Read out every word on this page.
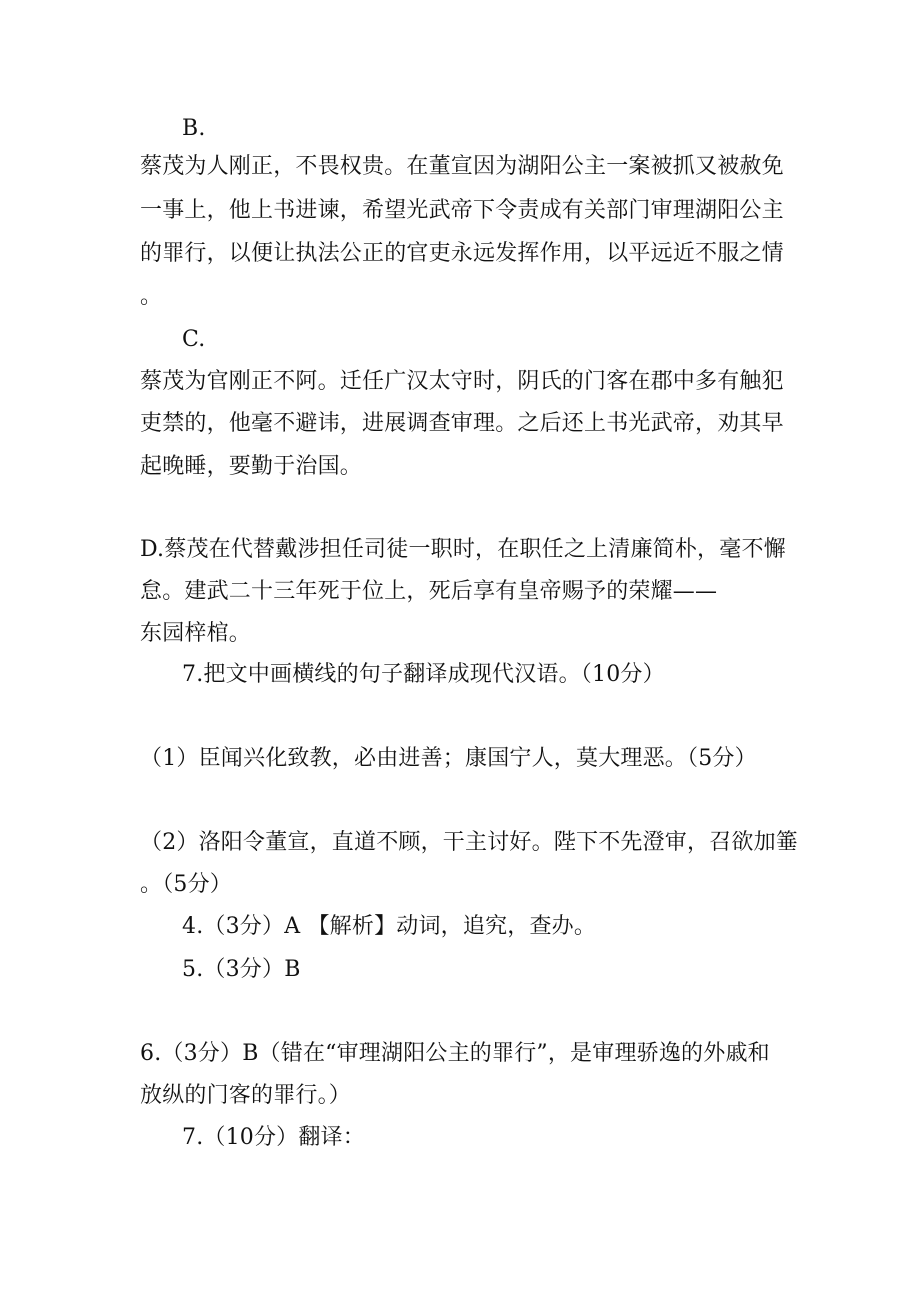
B.
蔡茂为人刚正，不畏权贵。在董宣因为湖阳公主一案被抓又被赦免
一事上，他上书进谏，希望光武帝下令责成有关部门审理湖阳公主
的罪行，以便让执法公正的官吏永远发挥作用，以平远近不服之情
。
C.
蔡茂为官刚正不阿。迁任广汉太守时，阴氏的门客在郡中多有触犯
吏禁的，他毫不避讳，进展调查审理。之后还上书光武帝，劝其早
起晚睡，要勤于治国。
D.蔡茂在代替戴涉担任司徒一职时，在职任之上清廉简朴，毫不懈
怠。建武二十三年死于位上，死后享有皇帝赐予的荣耀——
东园梓棺。
7.把文中画横线的句子翻译成现代汉语。（10分）
（1）臣闻兴化致教，必由进善；康国宁人，莫大理恶。（5分）
（2）洛阳令董宣，直道不顾，干主讨好。陛下不先澄审，召欲加箠
。（5分）
4.（3分）A 【解析】动词，追究，查办。
5.（3分）B
6.（3分）B（错在“审理湖阳公主的罪行”，是审理骄逸的外戚和
放纵的门客的罪行。）
7.（10分）翻译：
